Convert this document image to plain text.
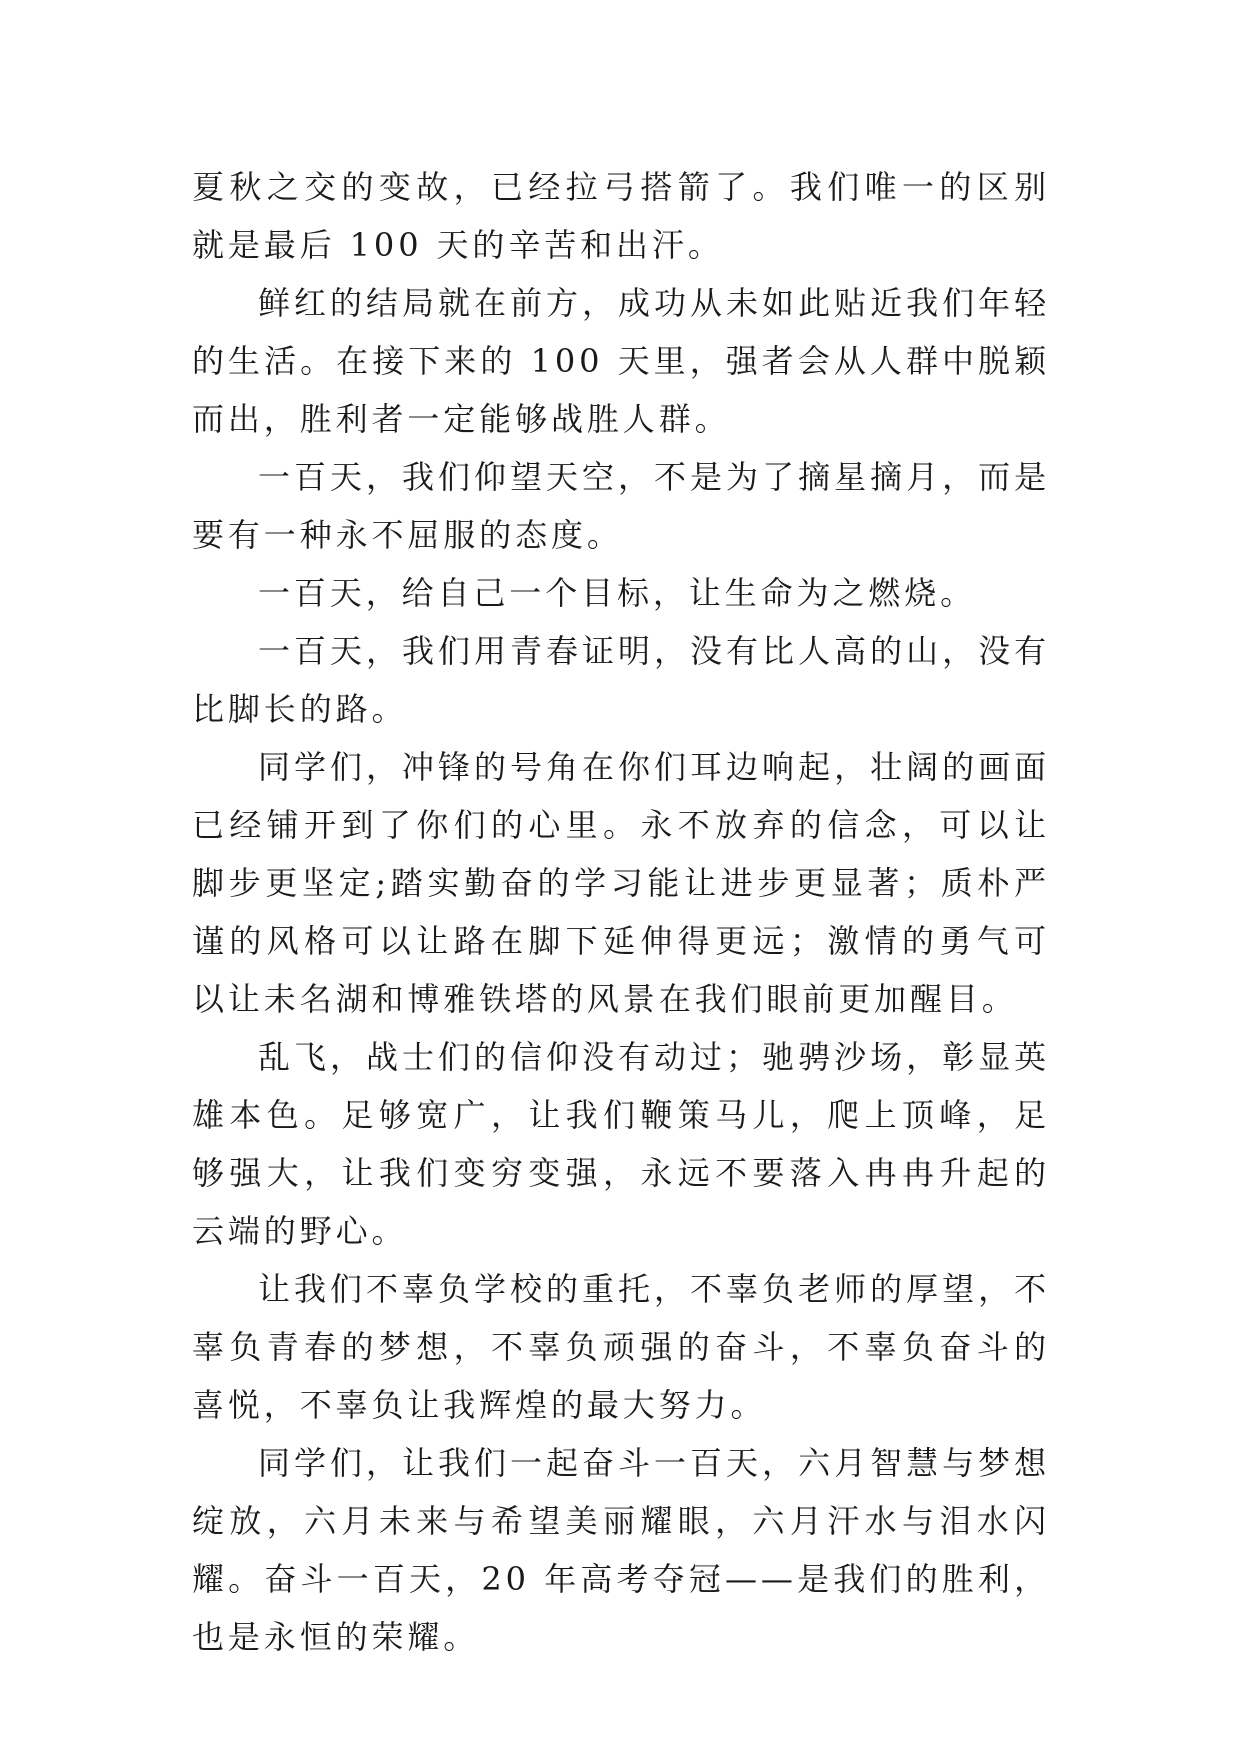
夏秋之交的变故，已经拉弓搭箭了。我们唯一的区别就是最后 100 天的辛苦和出汗。

鲜红的结局就在前方，成功从未如此贴近我们年轻的生活。在接下来的 100 天里，强者会从人群中脱颖而出，胜利者一定能够战胜人群。

一百天，我们仰望天空，不是为了摘星摘月，而是要有一种永不屈服的态度。

一百天，给自己一个目标，让生命为之燃烧。

一百天，我们用青春证明，没有比人高的山，没有比脚长的路。

同学们，冲锋的号角在你们耳边响起，壮阔的画面已经铺开到了你们的心里。永不放弃的信念，可以让脚步更坚定;踏实勤奋的学习能让进步更显著；质朴严谨的风格可以让路在脚下延伸得更远；激情的勇气可以让未名湖和博雅铁塔的风景在我们眼前更加醒目。

乱飞，战士们的信仰没有动过；驰骋沙场，彰显英雄本色。足够宽广，让我们鞭策马儿，爬上顶峰，足够强大，让我们变穷变强，永远不要落入冉冉升起的云端的野心。

让我们不辜负学校的重托，不辜负老师的厚望，不辜负青春的梦想，不辜负顽强的奋斗，不辜负奋斗的喜悦，不辜负让我辉煌的最大努力。

同学们，让我们一起奋斗一百天，六月智慧与梦想绽放，六月未来与希望美丽耀眼，六月汗水与泪水闪耀。奋斗一百天，20 年高考夺冠——是我们的胜利，也是永恒的荣耀。
